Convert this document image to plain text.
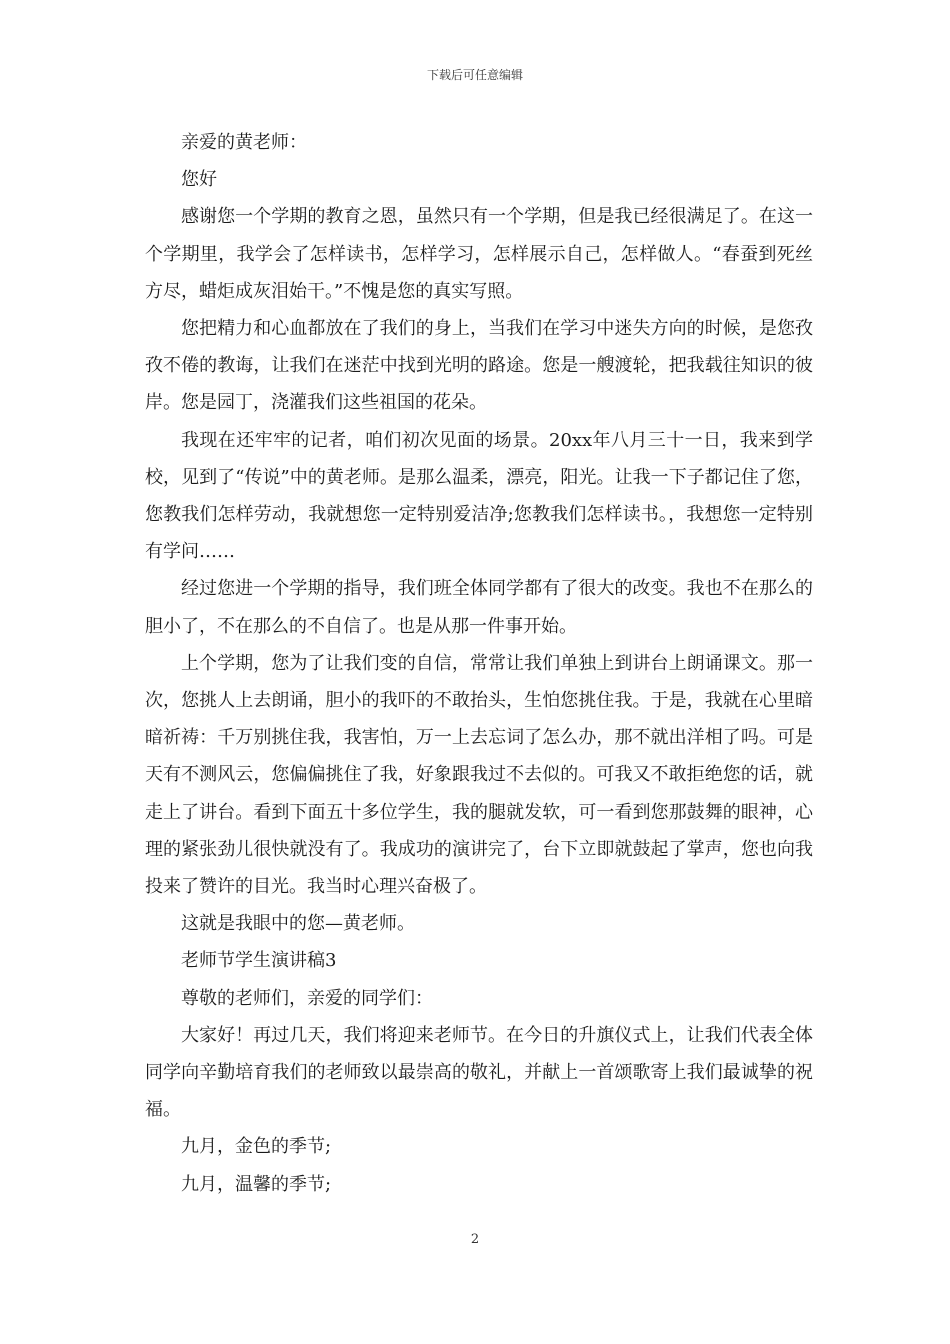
下载后可任意编辑

亲爱的黄老师：

您好

感谢您一个学期的教育之恩，虽然只有一个学期，但是我已经很满足了。在这一个学期里，我学会了怎样读书，怎样学习，怎样展示自己，怎样做人。“春蚕到死丝方尽，蜡炬成灰泪始干。”不愧是您的真实写照。

您把精力和心血都放在了我们的身上，当我们在学习中迷失方向的时候，是您孜孜不倦的教诲，让我们在迷茫中找到光明的路途。您是一艘渡轮，把我载往知识的彼岸。您是园丁，浇灌我们这些祖国的花朵。

我现在还牢牢的记者，咱们初次见面的场景。20xx年八月三十一日，我来到学校，见到了“传说”中的黄老师。是那么温柔，漂亮，阳光。让我一下子都记住了您，您教我们怎样劳动，我就想您一定特别爱洁净;您教我们怎样读书。，我想您一定特别有学问……

经过您进一个学期的指导，我们班全体同学都有了很大的改变。我也不在那么的胆小了，不在那么的不自信了。也是从那一件事开始。

上个学期，您为了让我们变的自信，常常让我们单独上到讲台上朗诵课文。那一次，您挑人上去朗诵，胆小的我吓的不敢抬头，生怕您挑住我。于是，我就在心里暗暗祈祷：千万别挑住我，我害怕，万一上去忘词了怎么办，那不就出洋相了吗。可是天有不测风云，您偏偏挑住了我，好象跟我过不去似的。可我又不敢拒绝您的话，就走上了讲台。看到下面五十多位学生，我的腿就发软，可一看到您那鼓舞的眼神，心理的紧张劲儿很快就没有了。我成功的演讲完了，台下立即就鼓起了掌声，您也向我投来了赞许的目光。我当时心理兴奋极了。

这就是我眼中的您—黄老师。

老师节学生演讲稿3

尊敬的老师们，亲爱的同学们：

大家好！再过几天，我们将迎来老师节。在今日的升旗仪式上，让我们代表全体同学向辛勤培育我们的老师致以最崇高的敬礼，并献上一首颂歌寄上我们最诚挚的祝福。

九月，金色的季节;

九月，温馨的季节;

2
